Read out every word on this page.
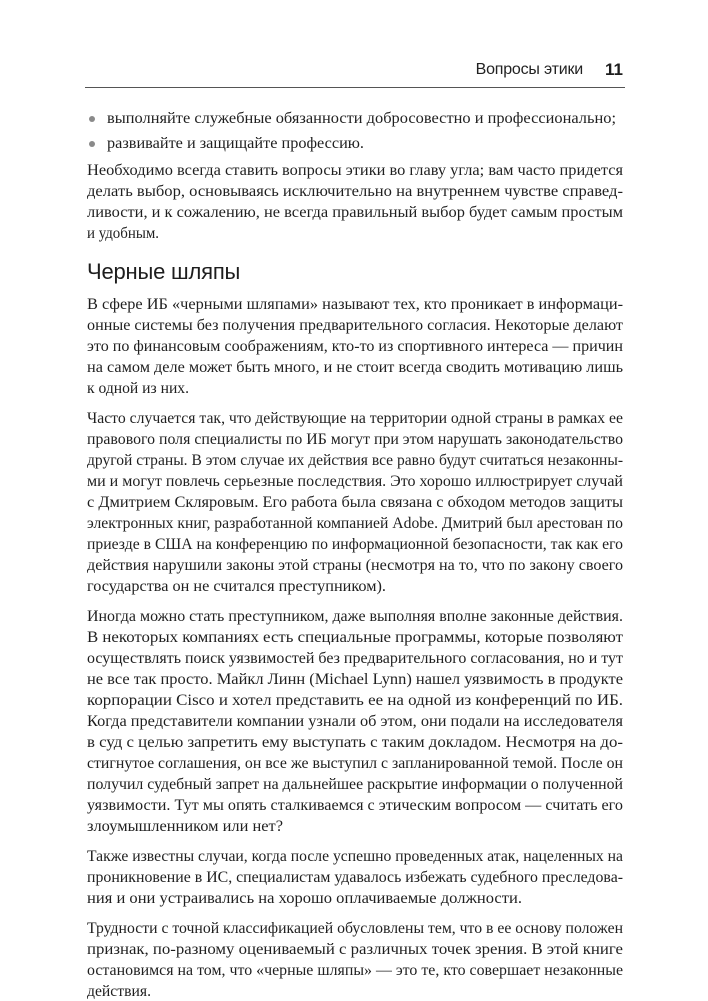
Вопросы этики 11
выполняйте служебные обязанности добросовестно и профессионально;
развивайте и защищайте профессию.
Необходимо всегда ставить вопросы этики во главу угла; вам часто придется
делать выбор, основываясь исключительно на внутреннем чувстве справед-
ливости, и к сожалению, не всегда правильный выбор будет самым простым
и удобным.
Черные шляпы
В сфере ИБ «черными шляпами» называют тех, кто проникает в информаци-
онные системы без получения предварительного согласия. Некоторые делают
это по финансовым соображениям, кто-то из спортивного интереса — причин
на самом деле может быть много, и не стоит всегда сводить мотивацию лишь
к одной из них.
Часто случается так, что действующие на территории одной страны в рамках ее
правового поля специалисты по ИБ могут при этом нарушать законодательство
другой страны. В этом случае их действия все равно будут считаться незаконны-
ми и могут повлечь серьезные последствия. Это хорошо иллюстрирует случай
с Дмитрием Скляровым. Его работа была связана с обходом методов защиты
электронных книг, разработанной компанией Adobe. Дмитрий был арестован по
приезде в США на конференцию по информационной безопасности, так как его
действия нарушили законы этой страны (несмотря на то, что по закону своего
государства он не считался преступником).
Иногда можно стать преступником, даже выполняя вполне законные действия.
В некоторых компаниях есть специальные программы, которые позволяют
осуществлять поиск уязвимостей без предварительного согласования, но и тут
не все так просто. Майкл Линн (Michael Lynn) нашел уязвимость в продукте
корпорации Cisco и хотел представить ее на одной из конференций по ИБ.
Когда представители компании узнали об этом, они подали на исследователя
в суд с целью запретить ему выступать с таким докладом. Несмотря на до-
стигнутое соглашения, он все же выступил с запланированной темой. После он
получил судебный запрет на дальнейшее раскрытие информации о полученной
уязвимости. Тут мы опять сталкиваемся с этическим вопросом — считать его
злоумышленником или нет?
Также известны случаи, когда после успешно проведенных атак, нацеленных на
проникновение в ИС, специалистам удавалось избежать судебного преследова-
ния и они устраивались на хорошо оплачиваемые должности.
Трудности с точной классификацией обусловлены тем, что в ее основу положен
признак, по-разному оцениваемый с различных точек зрения. В этой книге
остановимся на том, что «черные шляпы» — это те, кто совершает незаконные
действия.
